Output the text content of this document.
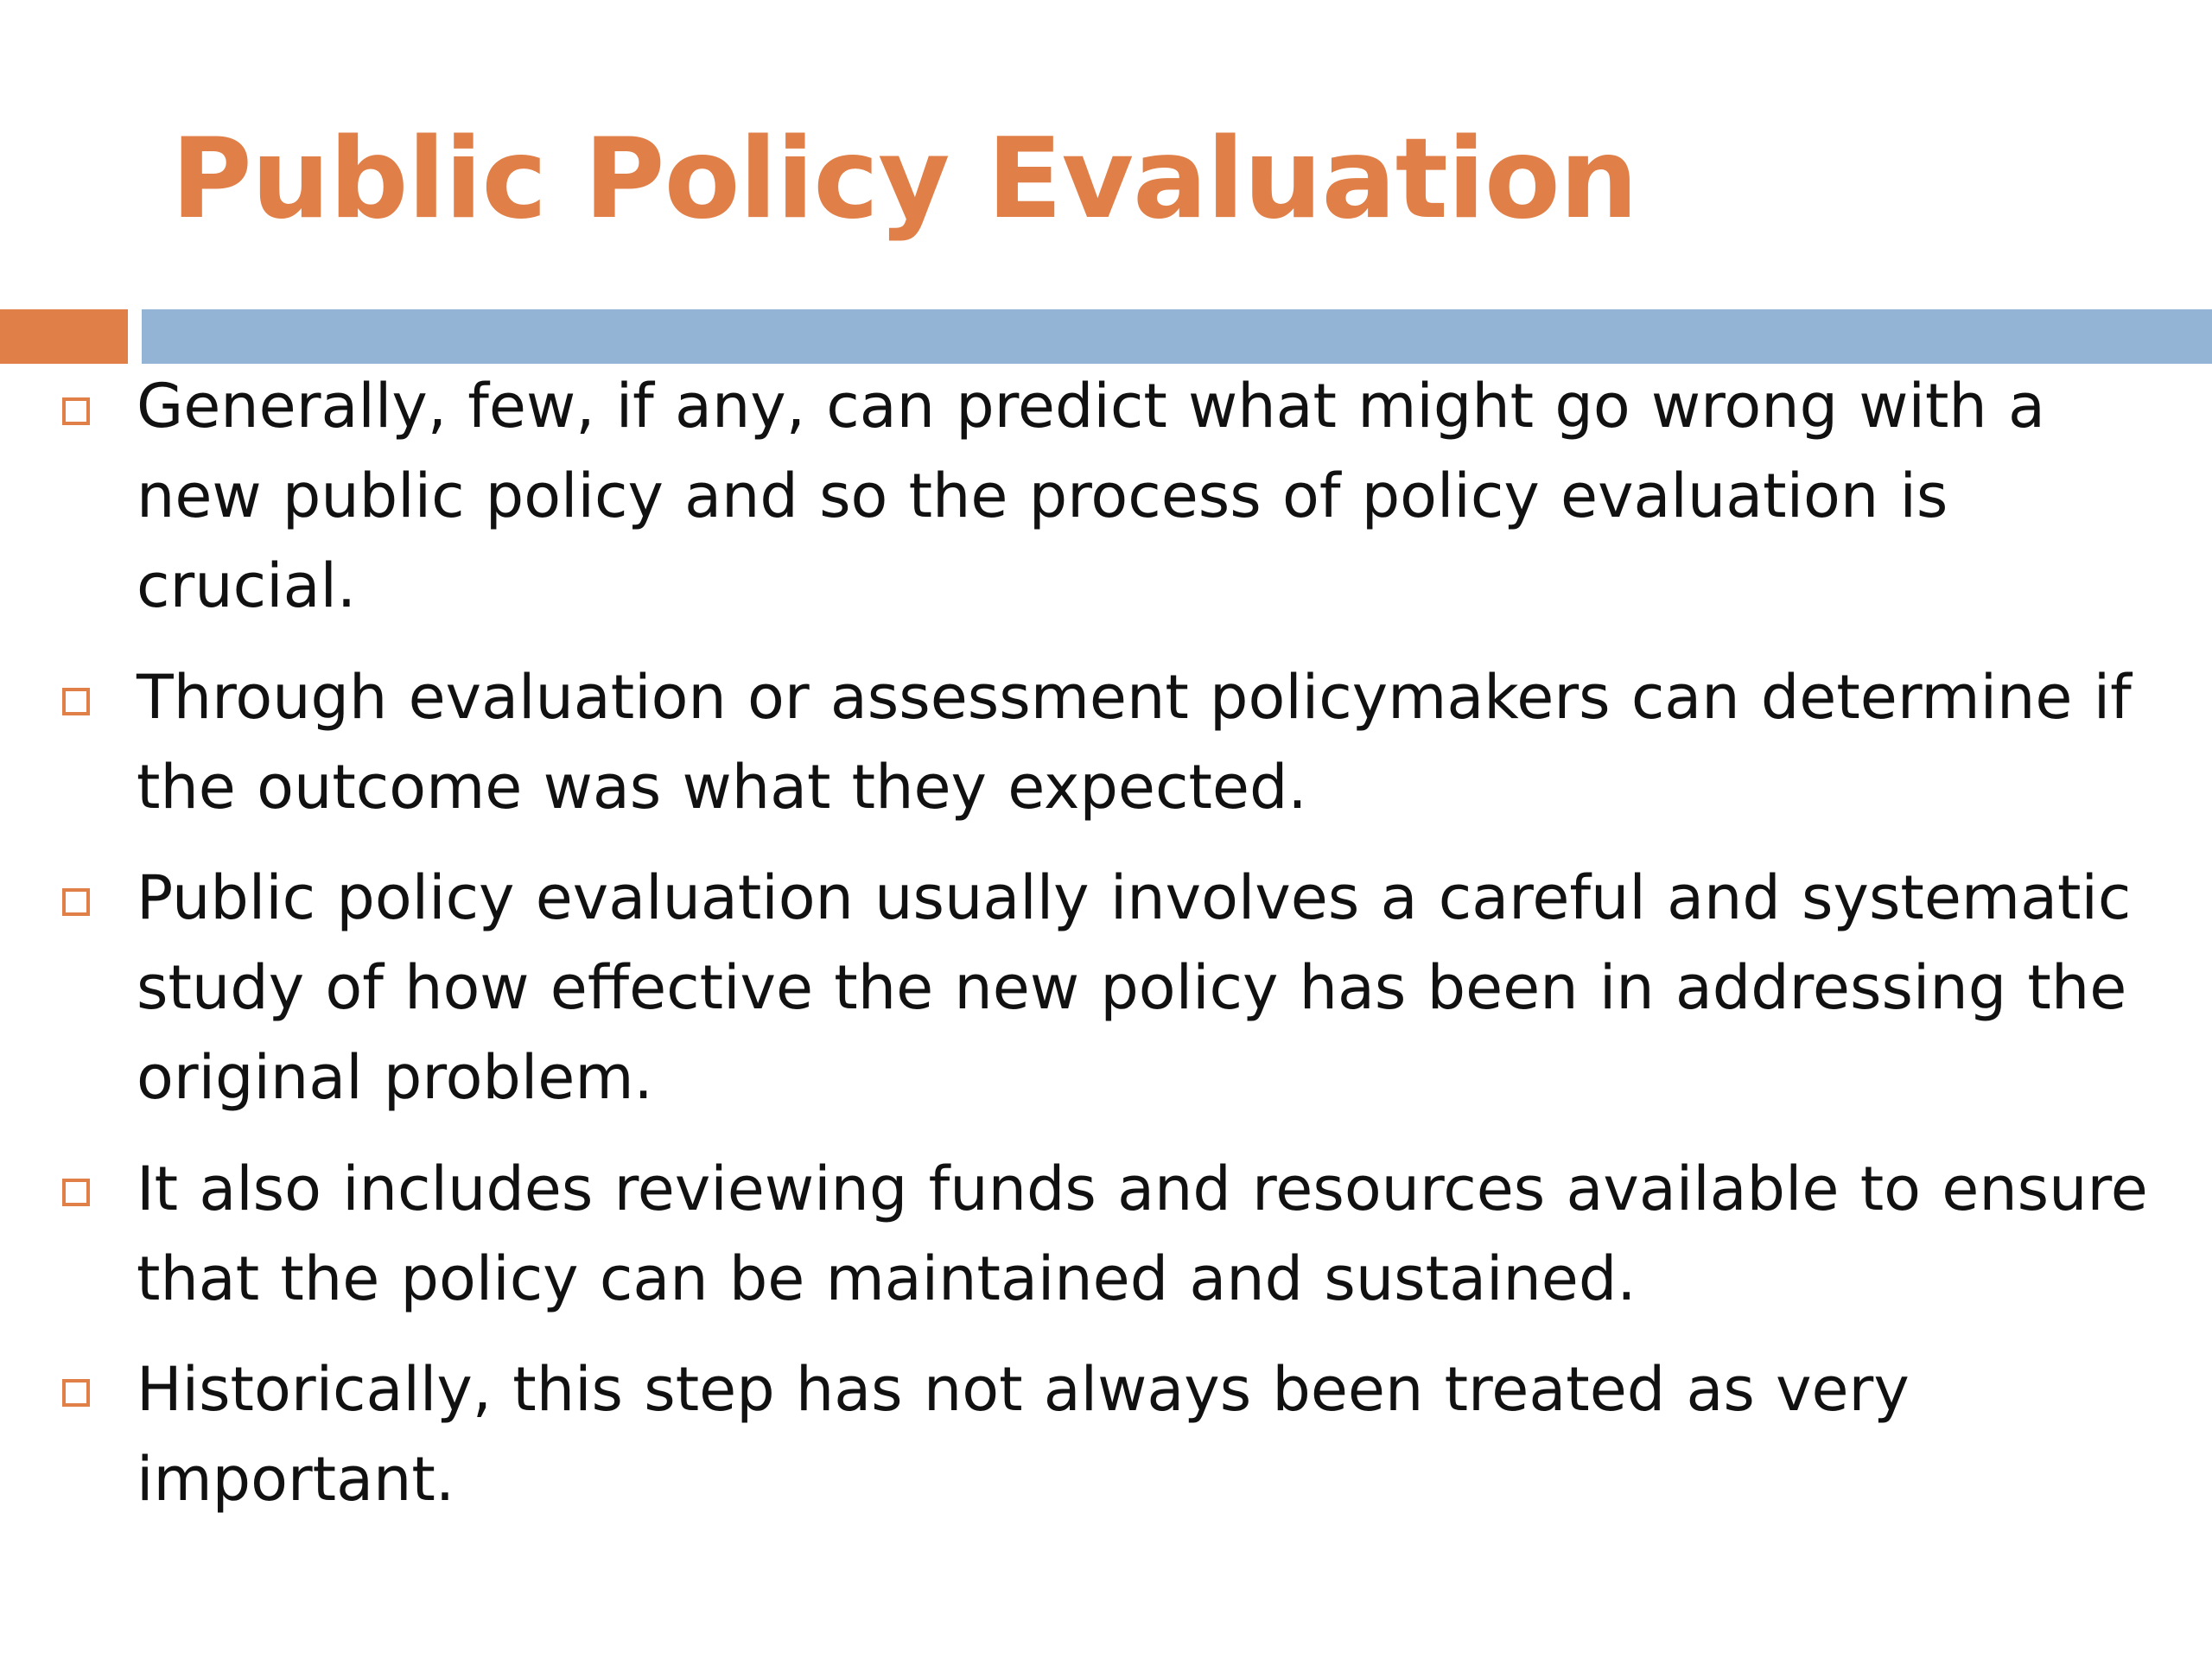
Public Policy Evaluation

Generally, few, if any, can predict what might go wrong with a new public policy and so the process of policy evaluation is crucial.

Through evaluation or assessment policymakers can determine if the outcome was what they expected.

Public policy evaluation usually involves a careful and systematic study of how effective the new policy has been in addressing the original problem.

It also includes reviewing funds and resources available to ensure that the policy can be maintained and sustained.

Historically, this step has not always been treated as very important.
